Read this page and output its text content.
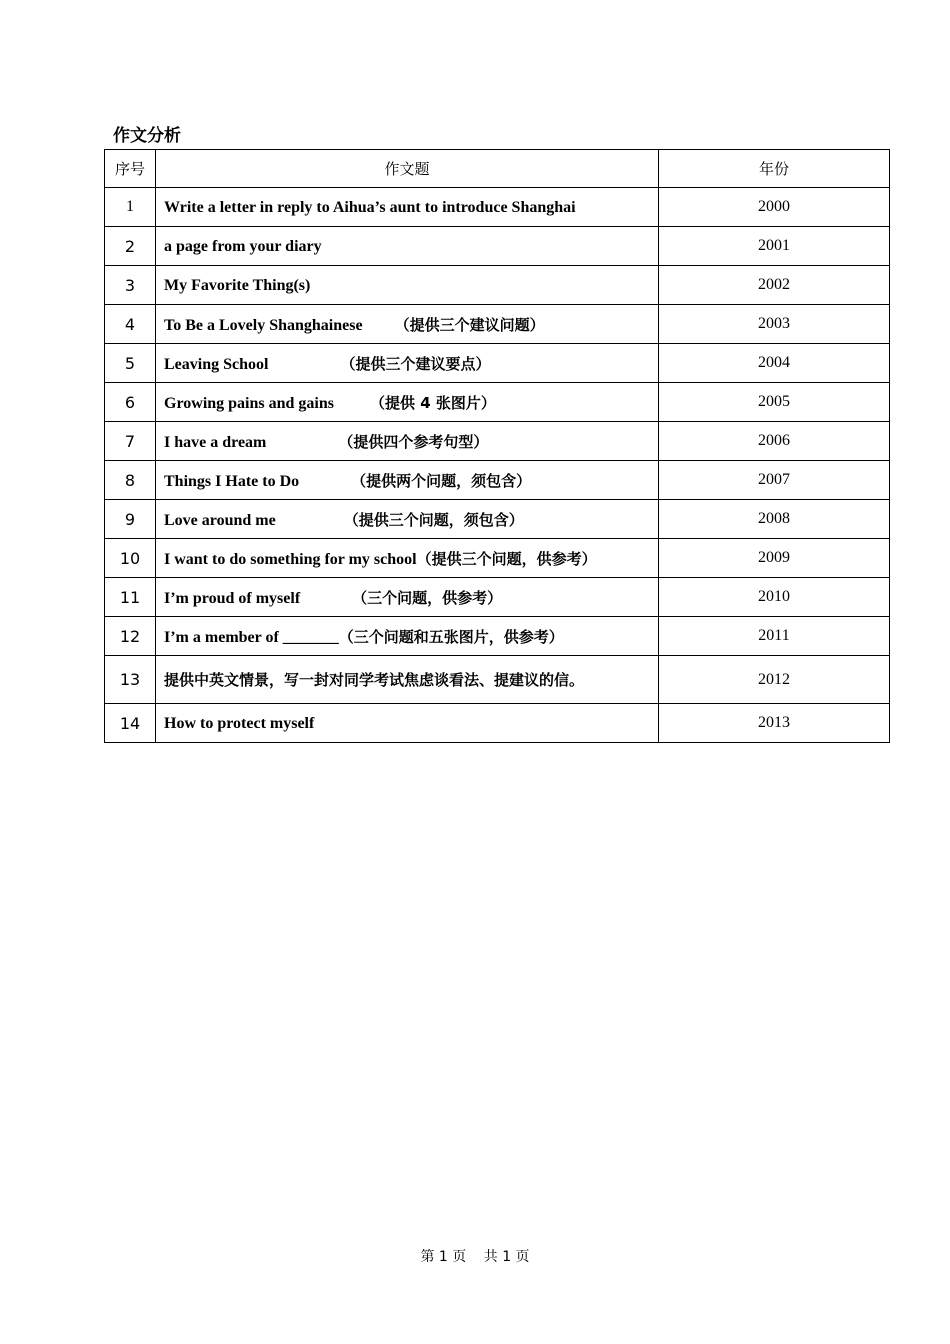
作文分析
序号	作文题	年份
1	Write a letter in reply to Aihua’s aunt to introduce Shanghai	2000
2	a page from your diary	2001
3	My Favorite Thing(s)	2002
4	To Be a Lovely Shanghainese        （提供三个建议问题）	2003
5	Leaving School                  （提供三个建议要点）	2004
6	Growing pains and gains         （提供 4 张图片）	2005
7	I have a dream                  （提供四个参考句型）	2006
8	Things I Hate to Do             （提供两个问题，须包含）	2007
9	Love around me                 （提供三个问题，须包含）	2008
10	I want to do something for my school（提供三个问题，供参考）	2009
11	I’m proud of myself             （三个问题，供参考）	2010
12	I’m a member of _______（三个问题和五张图片，供参考）	2011
13	提供中英文情景，写一封对同学考试焦虑谈看法、提建议的信。	2012
14	How to protect myself	2013
第 1 页 共 1 页
